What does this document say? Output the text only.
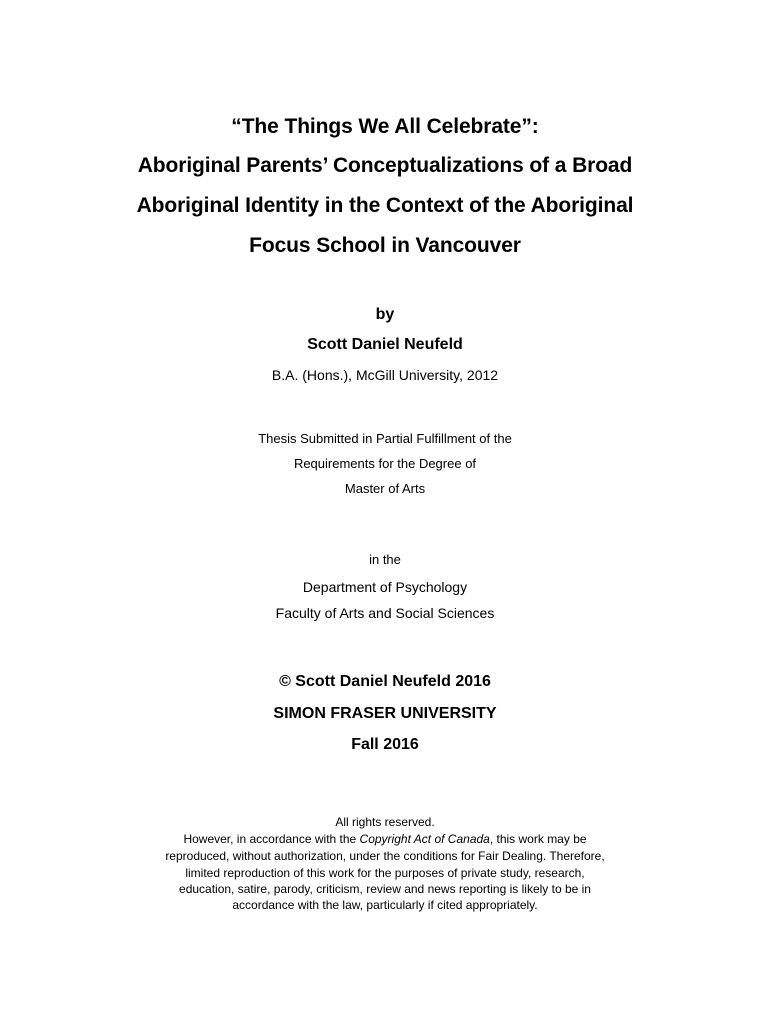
“The Things We All Celebrate”:
Aboriginal Parents’ Conceptualizations of a Broad
Aboriginal Identity in the Context of the Aboriginal
Focus School in Vancouver
by
Scott Daniel Neufeld
B.A. (Hons.), McGill University, 2012
Thesis Submitted in Partial Fulfillment of the
Requirements for the Degree of
Master of Arts
in the
Department of Psychology
Faculty of Arts and Social Sciences
© Scott Daniel Neufeld 2016
SIMON FRASER UNIVERSITY
Fall 2016
All rights reserved.
However, in accordance with the Copyright Act of Canada, this work may be
reproduced, without authorization, under the conditions for Fair Dealing. Therefore,
limited reproduction of this work for the purposes of private study, research,
education, satire, parody, criticism, review and news reporting is likely to be in
accordance with the law, particularly if cited appropriately.
